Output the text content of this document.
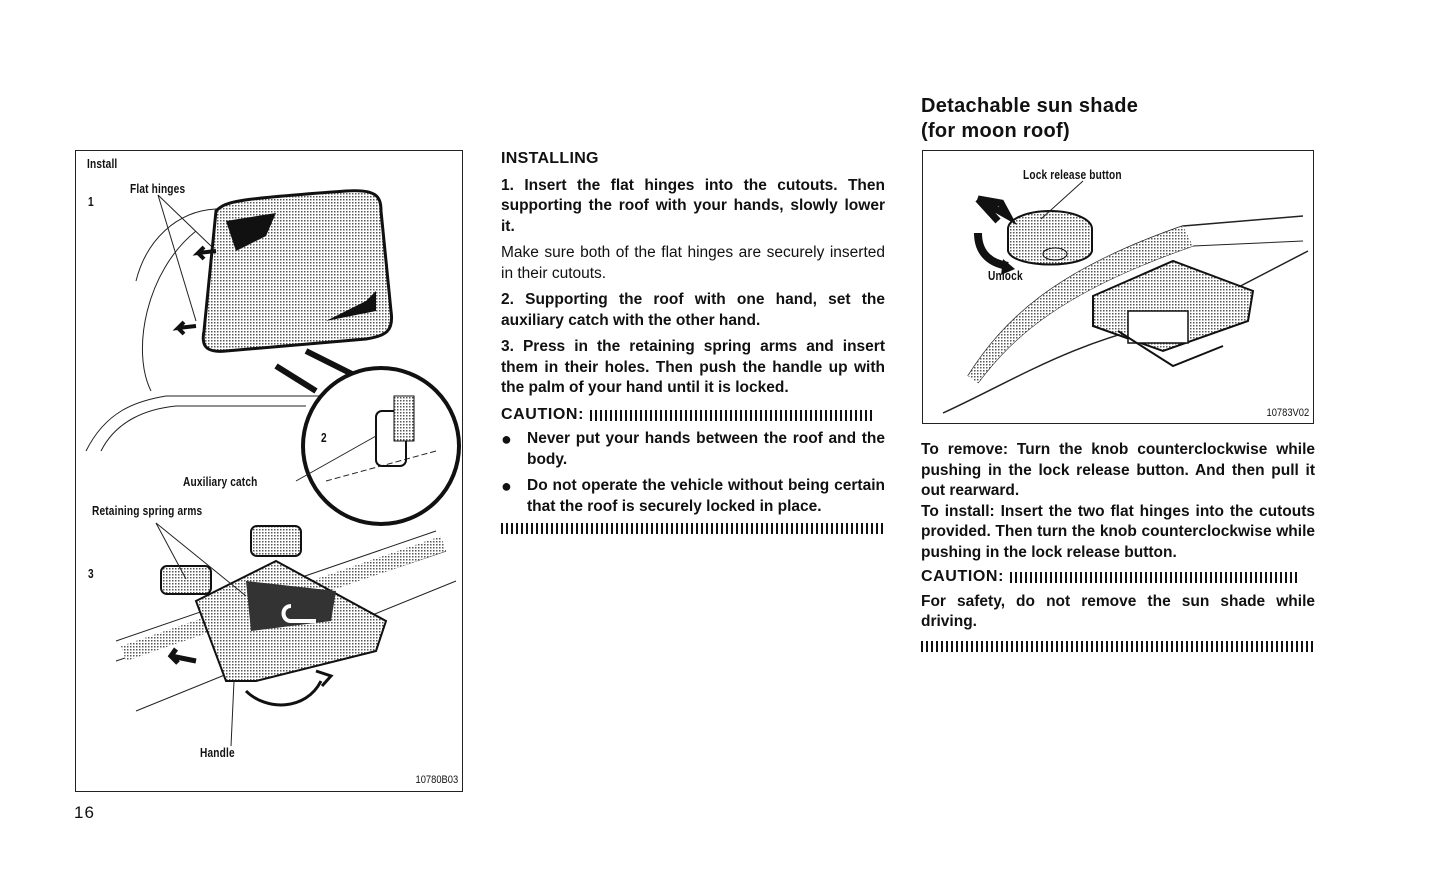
Install
Flat hinges
1
2
Auxiliary catch
Retaining spring arms
3
Handle
10780B03

INSTALLING

1. Insert the flat hinges into the cutouts. Then supporting the roof with your hands, slowly lower it.

Make sure both of the flat hinges are securely inserted in their cutouts.

2. Supporting the roof with one hand, set the auxiliary catch with the other hand.

3. Press in the retaining spring arms and insert them in their holes. Then push the handle up with the palm of your hand until it is locked.

CAUTION:
● Never put your hands between the roof and the body.
● Do not operate the vehicle without being certain that the roof is securely locked in place.
Detachable sun shade
(for moon roof)
Lock release button
Unlock
10783V02

To remove: Turn the knob counterclockwise while pushing in the lock release button. And then pull it out rearward.

To install: Insert the two flat hinges into the cutouts provided. Then turn the knob counterclockwise while pushing in the lock release button.

CAUTION:

For safety, do not remove the sun shade while driving.

16
